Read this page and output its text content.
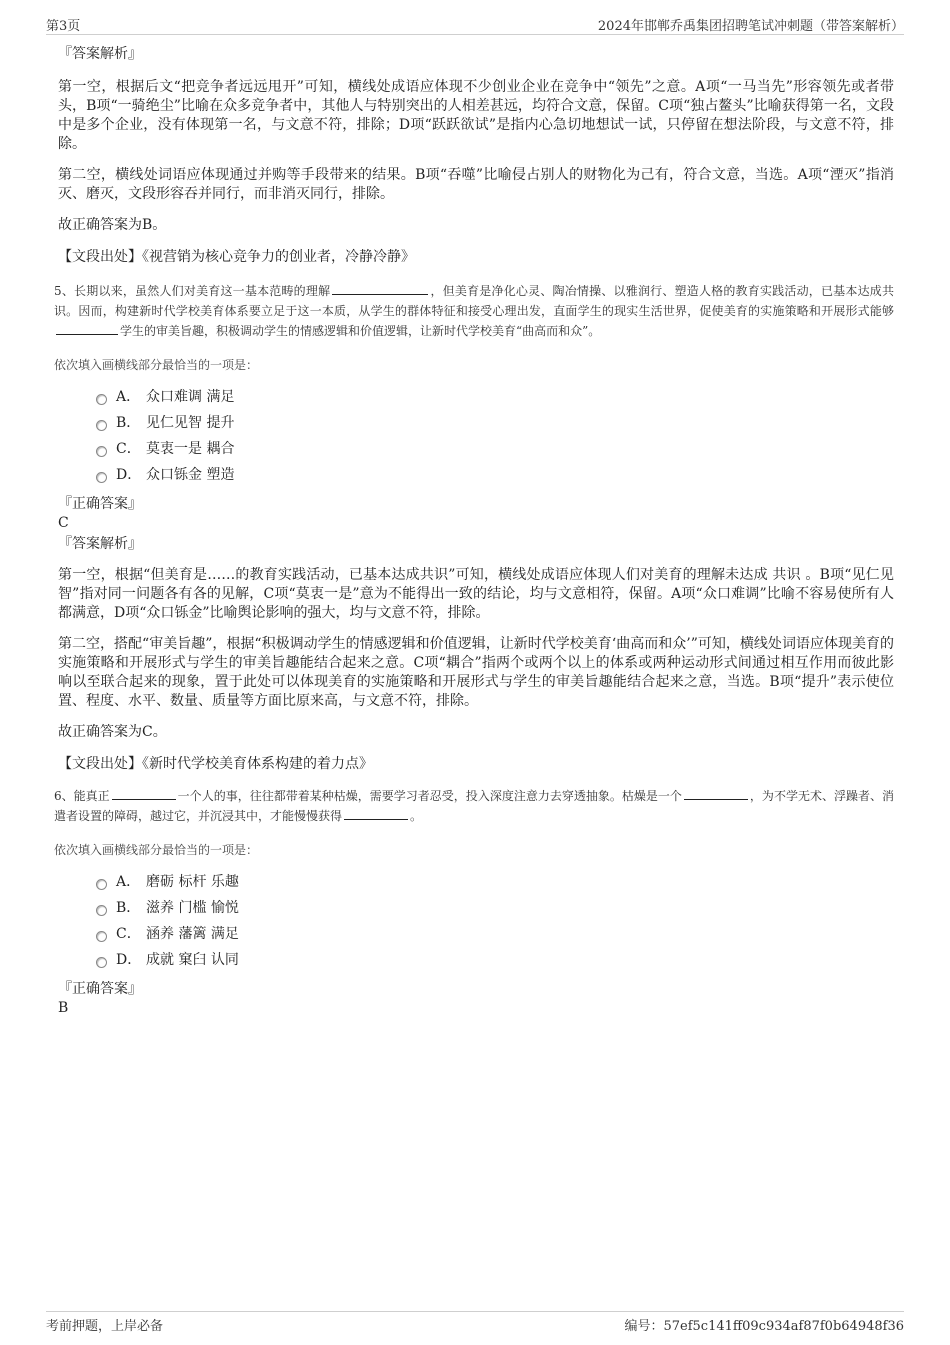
第3页	2024年邯郸乔禹集团招聘笔试冲刺题（带答案解析）

『答案解析』

第一空，根据后文“把竞争者远远甩开”可知，横线处成语应体现不少创业企业在竞争中“领先”之意。A项“一马当先”形容领先或者带头，B项“一骑绝尘”比喻在众多竞争者中，其他人与特别突出的人相差甚远，均符合文意，保留。C项“独占鳌头”比喻获得第一名，文段中是多个企业，没有体现第一名，与文意不符，排除；D项“跃跃欲试”是指内心急切地想试一试，只停留在想法阶段，与文意不符，排除。

第二空，横线处词语应体现通过并购等手段带来的结果。B项“吞噬”比喻侵占别人的财物化为己有，符合文意，当选。A项“湮灭”指消灭、磨灭，文段形容吞并同行，而非消灭同行，排除。

故正确答案为B。

【文段出处】《视营销为核心竞争力的创业者，冷静冷静》

5、长期以来，虽然人们对美育这一基本范畴的理解	，但美育是净化心灵、陶冶情操、以雅润行、塑造人格的教育实践活动，已基本达成共识。因而，构建新时代学校美育体系要立足于这一本质，从学生的群体特征和接受心理出发，直面学生的现实生活世界，促使美育的实施策略和开展形式能够学生的审美旨趣，积极调动学生的情感逻辑和价值逻辑，让新时代学校美育“曲高而和众”。

依次填入画横线部分最恰当的一项是：

A． 众口难调 满足
B． 见仁见智 提升
C． 莫衷一是 耦合
D． 众口铄金 塑造

『正确答案』

C

『答案解析』

第一空，根据“但美育是……的教育实践活动，已基本达成共识”可知，横线处成语应体现人们对美育的理解未达成 共识 。B项“见仁见智”指对同一问题各有各的见解，C项“莫衷一是”意为不能得出一致的结论，均与文意相符，保留。A项“众口难调”比喻不容易使所有人都满意，D项“众口铄金”比喻舆论影响的强大，均与文意不符，排除。

第二空，搭配“审美旨趣”，根据“积极调动学生的情感逻辑和价值逻辑，让新时代学校美育‘曲高而和众’”可知，横线处词语应体现美育的实施策略和开展形式与学生的审美旨趣能结合起来之意。C项“耦合”指两个或两个以上的体系或两种运动形式间通过相互作用而彼此影响以至联合起来的现象，置于此处可以体现美育的实施策略和开展形式与学生的审美旨趣能结合起来之意，当选。B项“提升”表示使位置、程度、水平、数量、质量等方面比原来高，与文意不符，排除。

故正确答案为C。

【文段出处】《新时代学校美育体系构建的着力点》

6、能真正	一个人的事，往往都带着某种枯燥，需要学习者忍受，投入深度注意力去穿透抽象。枯燥是一个	，为不学无术、浮躁者、消遣者设置的障碍，越过它，并沉浸其中，才能慢慢获得	。

依次填入画横线部分最恰当的一项是：

A． 磨砺 标杆 乐趣
B． 滋养 门槛 愉悦
C． 涵养 藩篱 满足
D． 成就 窠臼 认同

『正确答案』

B

考前押题，上岸必备	编号：57ef5c141ff09c934af87f0b64948f36
